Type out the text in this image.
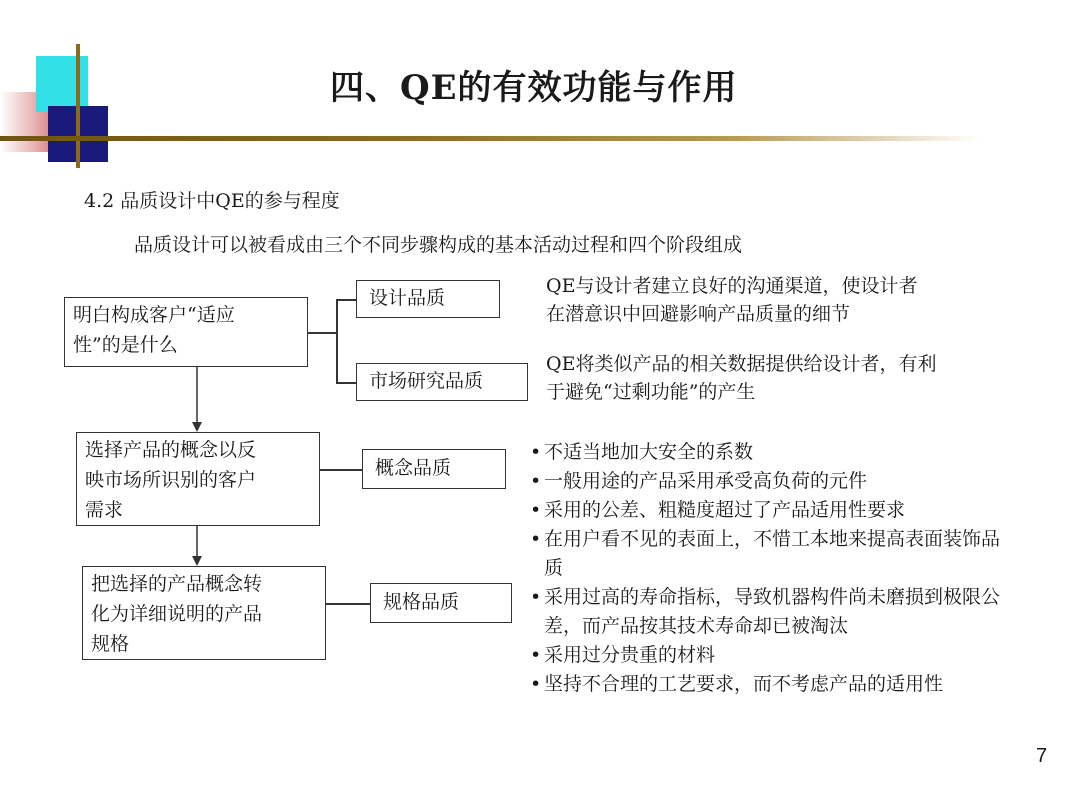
四、QE的有效功能与作用
4.2 品质设计中QE的参与程度
品质设计可以被看成由三个不同步骤构成的基本活动过程和四个阶段组成
明白构成客户“适应
性”的是什么
选择产品的概念以反
映市场所识别的客户
需求
把选择的产品概念转
化为详细说明的产品
规格
设计品质
市场研究品质
概念品质
规格品质
QE与设计者建立良好的沟通渠道，使设计者
在潜意识中回避影响产品质量的细节
QE将类似产品的相关数据提供给设计者，有利
于避免“过剩功能”的产生
• 不适当地加大安全的系数
• 一般用途的产品采用承受高负荷的元件
• 采用的公差、粗糙度超过了产品适用性要求
• 在用户看不见的表面上，不惜工本地来提高表面装饰品质
• 采用过高的寿命指标，导致机器构件尚未磨损到极限公差，而产品按其技术寿命却已被淘汰
• 采用过分贵重的材料
• 坚持不合理的工艺要求，而不考虑产品的适用性
7
